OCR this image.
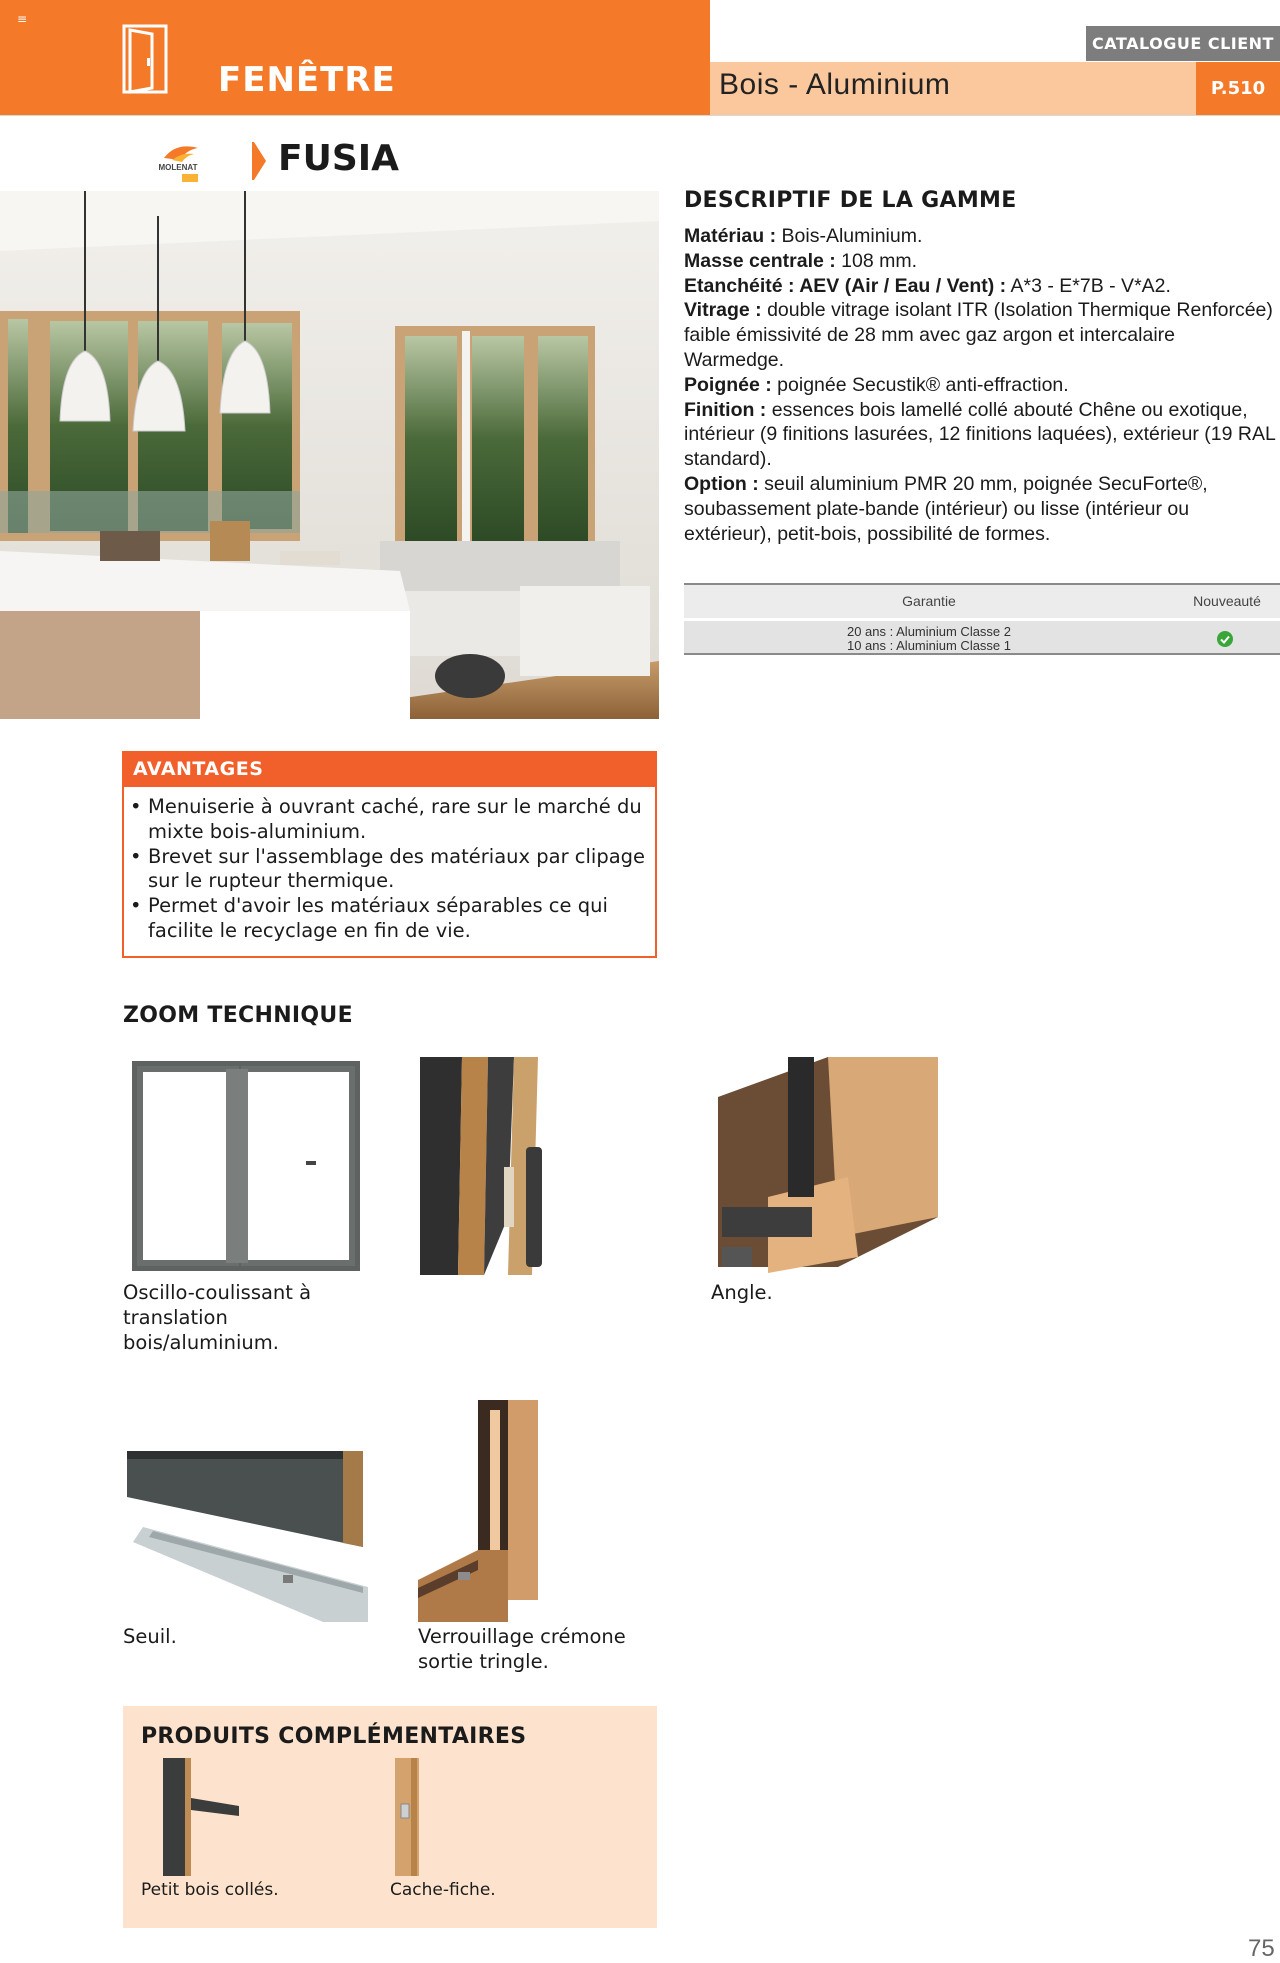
≡
FENÊTRE	Bois - Aluminium
CATALOGUE CLIENT
P.510
MOLENAT	FUSIA
DESCRIPTIF DE LA GAMME

Matériau : Bois-Aluminium.

Masse centrale : 108 mm.

Etanchéité : AEV (Air / Eau / Vent) : A*3 - E*7B - V*A2.

Vitrage : double vitrage isolant ITR (Isolation Thermique Renforcée) faible émissivité de 28 mm avec gaz argon et intercalaire Warmedge.

Poignée : poignée Secustik® anti-effraction.

Finition : essences bois lamellé collé abouté Chêne ou exotique, intérieur (9 finitions lasurées, 12 finitions laquées), extérieur (19 RAL standard).

Option : seuil aluminium PMR 20 mm, poignée SecuForte®, soubassement plate-bande (intérieur) ou lisse (intérieur ou extérieur), petit-bois, possibilité de formes.

Garantie	Nouveauté
20 ans : Aluminium Classe 2
10 ans : Aluminium Classe 1
AVANTAGES
• Menuiserie à ouvrant caché, rare sur le marché du mixte bois-aluminium.
• Brevet sur l'assemblage des matériaux par clipage sur le rupteur thermique.
• Permet d'avoir les matériaux séparables ce qui facilite le recyclage en fin de vie.
ZOOM TECHNIQUE
Oscillo-coulissant à translation bois/aluminium.
Angle.
Seuil.	Verrouillage crémone sortie tringle.
PRODUITS COMPLÉMENTAIRES
Petit bois collés.	Cache-fiche.
75
